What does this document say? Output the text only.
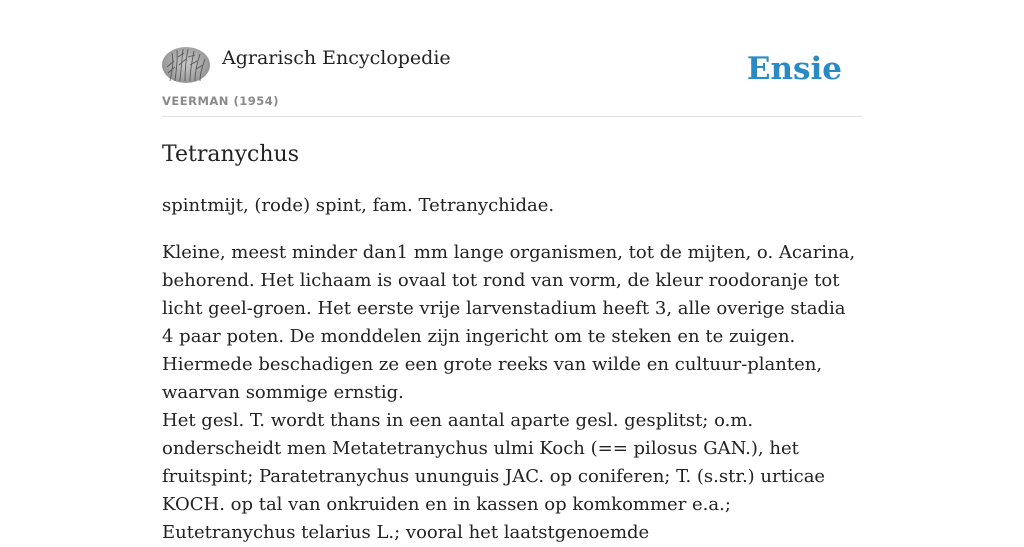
Agrarisch Encyclopedie
VEERMAN (1954)
Ensie
Tetranychus

spintmijt, (rode) spint, fam. Tetranychidae.

Kleine, meest minder dan1 mm lange organismen, tot de mijten, o. Acarina, behorend. Het lichaam is ovaal tot rond van vorm, de kleur roodoranje tot licht geel-groen. Het eerste vrije larvenstadium heeft 3, alle overige stadia 4 paar poten. De monddelen zijn ingericht om te steken en te zuigen. Hiermede beschadigen ze een grote reeks van wilde en cultuur-planten, waarvan sommige ernstig.

Het gesl. T. wordt thans in een aantal aparte gesl. gesplitst; o.m. onderscheidt men Metatetranychus ulmi Koch (== pilosus GAN.), het fruitspint; Paratetranychus ununguis JAC. op coniferen; T. (s.str.) urticae KOCH. op tal van onkruiden en in kassen op komkommer e.a.; Eutetranychus telarius L.; vooral het laatstgenoemde
